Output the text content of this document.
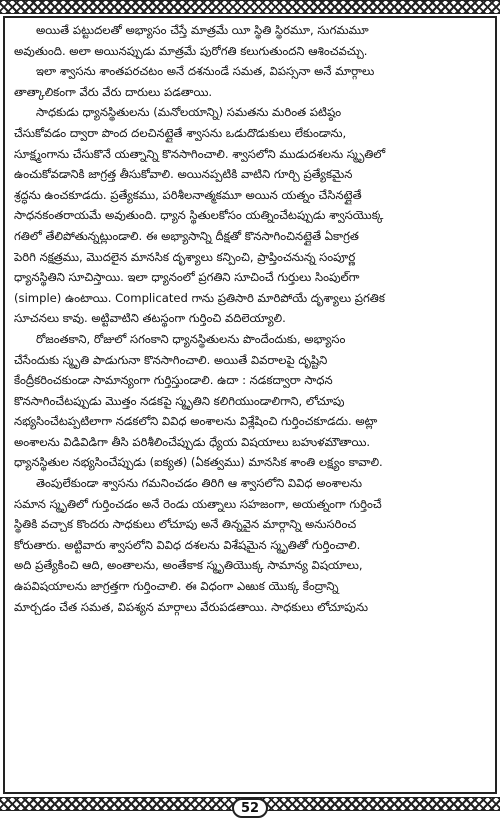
అయితే పట్టుదలతో అభ్యాసం చేస్తే మాత్రమే యీ స్థితి స్థిరమూ, సుగమమూ
అవుతుంది. అలా అయినప్పుడు మాత్రమే పురోగతి కలుగుతుందని ఆశించవచ్చు.

ఇలా శ్వాసను శాంతపరచటం అనే దశనుండే సమత, విపస్సనా అనే మార్గాలు
తాత్కాలికంగా వేరు వేరు దారులు పడతాయి.

సాధకుడు ధ్యానస్థితులను (మనోలయాన్ని) సమతను మరింత పటిష్ఠం
చేసుకోవడం ద్వారా పొంద దలచినట్లైతే శ్వాసను ఒడుదొడుకులు లేకుండాను,
సూక్ష్మంగాను చేసుకొనే యత్నాన్ని కొనసాగించాలి. శ్వాసలోని ముడుదశలను స్మృతిలో
ఉంచుకోవడానికి జాగ్రత్త తీసుకోవాలి. అయినప్పటికి వాటిని గూర్చి ప్రత్యేకమైన
శ్రద్ధను ఉంచకూడదు. ప్రత్యేకము, పరిశీలనాత్మకమూ అయిన యత్నం చేసినట్లైతే
సాధనకంతరాయమే అవుతుంది. ధ్యాన స్థితులకోసం యత్నించేటప్పుడు శ్వాసయొక్క
గతిలో తేలిపోతున్నట్లుండాలి. ఈ అభ్యాసాన్ని దీక్షతో కొనసాగించినట్లైతే ఏకాగ్రత
పెరిగి నక్షత్రము, మొదలైన మానసిక దృశ్యాలు కన్పించి, ప్రాప్తించనున్న సంపూర్ణ
ధ్యానస్థితిని సూచిస్తాయి. ఇలా ధ్యానంలో ప్రగతిని సూచించే గుర్తులు సింపుల్‌గా
(simple) ఉంటాయి. Complicated గాను ప్రతిసారి మారిపోయే దృశ్యాలు ప్రగతిక
సూచనలు కావు. అట్టివాటిని తటస్థంగా గుర్తించి వదిలెయ్యాలి.

రోజంతకాని, రోజులో సగంకాని ధ్యానస్థితులను పొందేందుకు, అభ్యాసం
చేసేందుకు స్మృతి పాడుగునా కొనసాగించాలి. అయితే వివరాలపై దృష్టిని
కేంద్రీకరించకుండా సామాన్యంగా గుర్తిస్తుండాలి. ఉదా : నడకద్వారా సాధన
కొనసాగించేటప్పుడు మొత్తం నడకపై స్మృతిని కలిగియుండాలిగాని, లోచూపు
నభ్యసించేటప్పటిలాగా నడకలోని వివిధ అంశాలను విశ్లేషించి గుర్తించకూడదు. అట్లా
అంశాలను విడివిడిగా తీసి పరిశీలించేప్పుడు ధ్యేయ విషయాలు బహుళమౌతాయి.
ధ్యానస్థితుల నభ్యసించేప్పుడు (ఐక్యత) (ఏకత్వము) మానసిక శాంతి లక్ష్యం కావాలి.

తెంపులేకుండా శ్వాసను గమనించడం తిరిగి ఆ శ్వాసలోని వివిధ అంశాలను
సమాన స్మృతిలో గుర్తించడం అనే రెండు యత్నాలు సహజంగా, అయత్నంగా గుర్తించే
స్థితికి వచ్చాక కొందరు సాధకులు లోచూపు అనే తిన్నవైన మార్గాన్ని అనుసరించ
కోరుతారు. అట్టివారు శ్వాసలోని వివిధ దశలను విశేషమైన స్మృతితో గుర్తించాలి.
అది ప్రత్యేకించి ఆది, అంతాలను, అంతేకాక స్మృతియొక్క సామాన్య విషయాలు,
ఉపవిషయాలను జాగ్రత్తగా గుర్తించాలి. ఈ విధంగా ఎఱుక యొక్క కేంద్రాన్ని
మార్చడం చేత సమత, విపశ్యన మార్గాలు వేరుపడతాయి. సాధకులు లోచూపును

52
